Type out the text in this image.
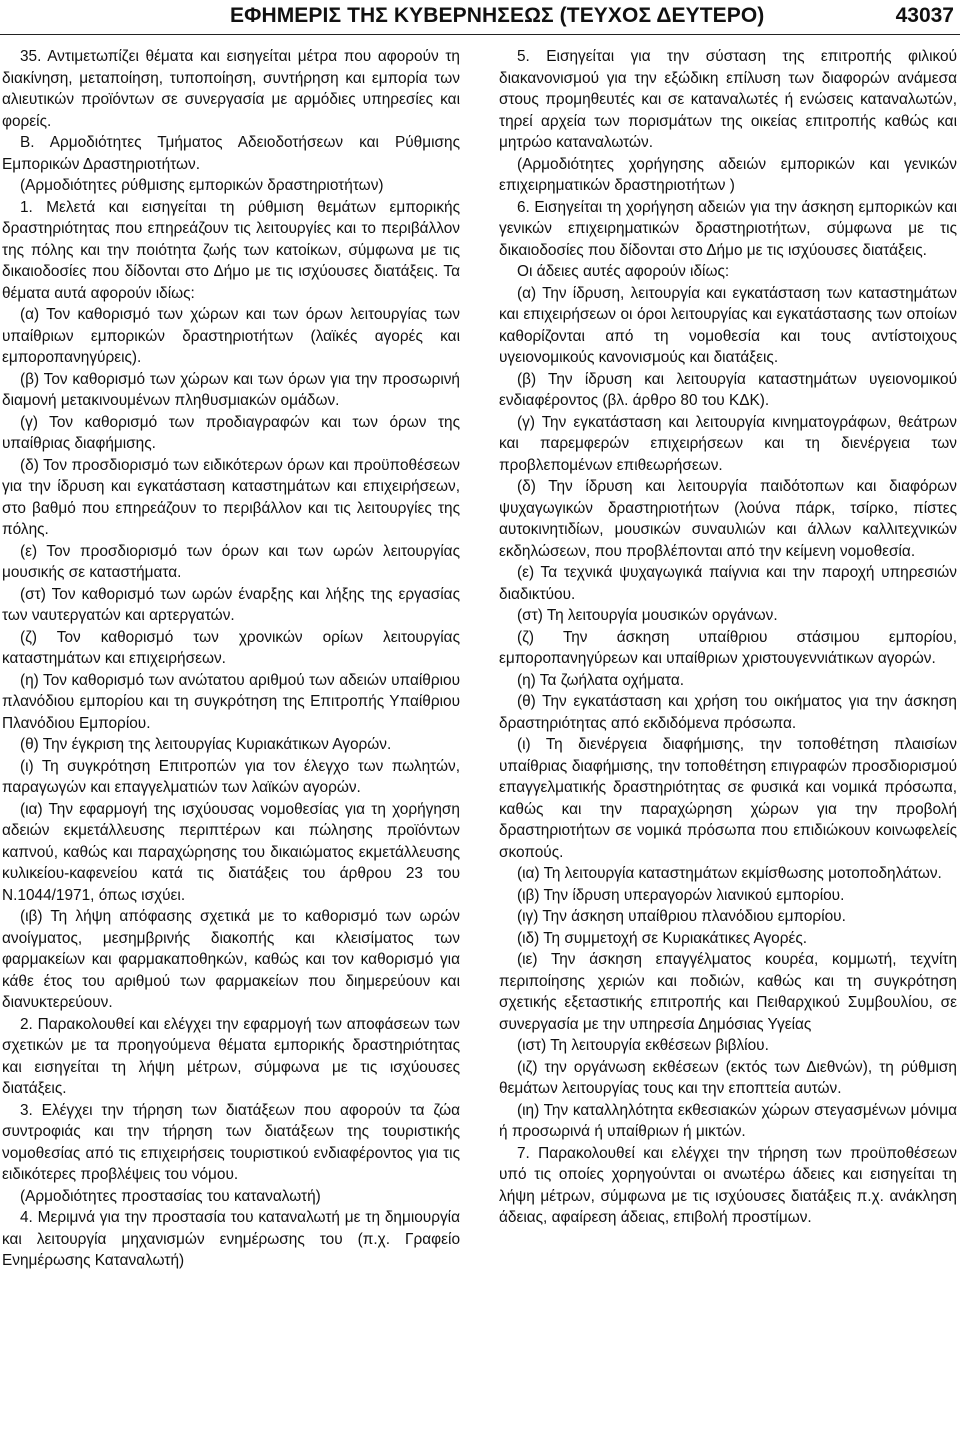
ΕΦΗΜΕΡΙΣ ΤΗΣ ΚΥΒΕΡΝΗΣΕΩΣ (ΤΕΥΧΟΣ ΔΕΥΤΕΡΟ)	43037

35. Αντιμετωπίζει θέματα και εισηγείται μέτρα που αφορούν τη διακίνηση, μεταποίηση, τυποποίηση, συντήρηση και εμπορία των αλιευτικών προϊόντων σε συνεργασία με αρμόδιες υπηρεσίες και φορείς.

Β. Αρμοδιότητες Τμήματος Αδειοδοτήσεων και Ρύθμισης Εμπορικών Δραστηριοτήτων.

(Αρμοδιότητες ρύθμισης εμπορικών δραστηριοτήτων)

1. Μελετά και εισηγείται τη ρύθμιση θεμάτων εμπορικής δραστηριότητας που επηρεάζουν τις λειτουργίες και το περιβάλλον της πόλης και την ποιότητα ζωής των κατοίκων, σύμφωνα με τις δικαιοδοσίες που δίδονται στο Δήμο με τις ισχύουσες διατάξεις. Τα θέματα αυτά αφορούν ιδίως:

(α) Τον καθορισμό των χώρων και των όρων λειτουργίας των υπαίθριων εμπορικών δραστηριοτήτων (λαϊκές αγορές και εμποροπανηγύρεις).

(β) Τον καθορισμό των χώρων και των όρων για την προσωρινή διαμονή μετακινουμένων πληθυσμιακών ομάδων.

(γ) Τον καθορισμό των προδιαγραφών και των όρων της υπαίθριας διαφήμισης.

(δ) Τον προσδιορισμό των ειδικότερων όρων και προϋποθέσεων για την ίδρυση και εγκατάσταση καταστημάτων και επιχειρήσεων, στο βαθμό που επηρεάζουν το περιβάλλον και τις λειτουργίες της πόλης.

(ε) Τον προσδιορισμό των όρων και των ωρών λειτουργίας μουσικής σε καταστήματα.

(στ) Τον καθορισμό των ωρών έναρξης και λήξης της εργασίας των ναυτεργατών και αρτεργατών.

(ζ) Τον καθορισμό των χρονικών ορίων λειτουργίας καταστημάτων και επιχειρήσεων.

(η) Τον καθορισμό των ανώτατου αριθμού των αδειών υπαίθριου πλανόδιου εμπορίου και τη συγκρότηση της Επιτροπής Υπαίθριου Πλανόδιου Εμπορίου.

(θ) Την έγκριση της λειτουργίας Κυριακάτικων Αγορών.

(ι) Τη συγκρότηση Επιτροπών για τον έλεγχο των πωλητών, παραγωγών και επαγγελματιών των λαϊκών αγορών.

(ια) Την εφαρμογή της ισχύουσας νομοθεσίας για τη χορήγηση αδειών εκμετάλλευσης περιπτέρων και πώλησης προϊόντων καπνού, καθώς και παραχώρησης του δικαιώματος εκμετάλλευσης κυλικείου-καφενείου κατά τις διατάξεις του άρθρου 23 του Ν.1044/1971, όπως ισχύει.

(ιβ) Τη λήψη απόφασης σχετικά με το καθορισμό των ωρών ανοίγματος, μεσημβρινής διακοπής και κλεισίματος των φαρμακείων και φαρμακαποθηκών, καθώς και τον καθορισμό για κάθε έτος του αριθμού των φαρμακείων που διημερεύουν και διανυκτερεύουν.

2. Παρακολουθεί και ελέγχει την εφαρμογή των αποφάσεων των σχετικών με τα προηγούμενα θέματα εμπορικής δραστηριότητας και εισηγείται τη λήψη μέτρων, σύμφωνα με τις ισχύουσες διατάξεις.

3. Ελέγχει την τήρηση των διατάξεων που αφορούν τα ζώα συντροφιάς και την τήρηση των διατάξεων της τουριστικής νομοθεσίας από τις επιχειρήσεις τουριστικού ενδιαφέροντος για τις ειδικότερες προβλέψεις του νόμου.

(Αρμοδιότητες προστασίας του καταναλωτή)

4. Μεριμνά για την προστασία του καταναλωτή με τη δημιουργία και λειτουργία μηχανισμών ενημέρωσης του (π.χ. Γραφείο Ενημέρωσης Καταναλωτή)

5. Εισηγείται για την σύσταση της επιτροπής φιλικού διακανονισμού για την εξώδικη επίλυση των διαφορών ανάμεσα στους προμηθευτές και σε καταναλωτές ή ενώσεις καταναλωτών, τηρεί αρχεία των πορισμάτων της οικείας επιτροπής καθώς και μητρώο καταναλωτών.

(Αρμοδιότητες χορήγησης αδειών εμπορικών και γενικών επιχειρηματικών δραστηριοτήτων )

6. Εισηγείται τη χορήγηση αδειών για την άσκηση εμπορικών και γενικών επιχειρηματικών δραστηριοτήτων, σύμφωνα με τις δικαιοδοσίες που δίδονται στο Δήμο με τις ισχύουσες διατάξεις.

Οι άδειες αυτές αφορούν ιδίως:

(α) Την ίδρυση, λειτουργία και εγκατάσταση των καταστημάτων και επιχειρήσεων οι όροι λειτουργίας και εγκατάστασης των οποίων καθορίζονται από τη νομοθεσία και τους αντίστοιχους υγειονομικούς κανονισμούς και διατάξεις.

(β) Την ίδρυση και λειτουργία καταστημάτων υγειονομικού ενδιαφέροντος (βλ. άρθρο 80 του ΚΔΚ).

(γ) Την εγκατάσταση και λειτουργία κινηματογράφων, θεάτρων και παρεμφερών επιχειρήσεων και τη διενέργεια των προβλεπομένων επιθεωρήσεων.

(δ) Την ίδρυση και λειτουργία παιδότοπων και διαφόρων ψυχαγωγικών δραστηριοτήτων (λούνα πάρκ, τσίρκο, πίστες αυτοκινητιδίων, μουσικών συναυλιών και άλλων καλλιτεχνικών εκδηλώσεων, που προβλέπονται από την κείμενη νομοθεσία.

(ε) Τα τεχνικά ψυχαγωγικά παίγνια και την παροχή υπηρεσιών διαδικτύου.

(στ) Τη λειτουργία μουσικών οργάνων.

(ζ) Την άσκηση υπαίθριου στάσιμου εμπορίου, εμποροπανηγύρεων και υπαίθριων χριστουγεννιάτικων αγορών.

(η) Τα ζωήλατα οχήματα.

(θ) Την εγκατάσταση και χρήση του οικήματος για την άσκηση δραστηριότητας από εκδιδόμενα πρόσωπα.

(ι) Τη διενέργεια διαφήμισης, την τοποθέτηση πλαισίων υπαίθριας διαφήμισης, την τοποθέτηση επιγραφών προσδιορισμού επαγγελματικής δραστηριότητας σε φυσικά και νομικά πρόσωπα, καθώς και την παραχώρηση χώρων για την προβολή δραστηριοτήτων σε νομικά πρόσωπα που επιδιώκουν κοινωφελείς σκοπούς.

(ια) Τη λειτουργία καταστημάτων εκμίσθωσης μοτοποδηλάτων.

(ιβ) Την ίδρυση υπεραγορών λιανικού εμπορίου.

(ιγ) Την άσκηση υπαίθριου πλανόδιου εμπορίου.

(ιδ) Τη συμμετοχή σε Κυριακάτικες Αγορές.

(ιε) Την άσκηση επαγγέλματος κουρέα, κομμωτή, τεχνίτη περιποίησης χεριών και ποδιών, καθώς και τη συγκρότηση σχετικής εξεταστικής επιτροπής και Πειθαρχικού Συμβουλίου, σε συνεργασία με την υπηρεσία Δημόσιας Υγείας

(ιστ) Τη λειτουργία εκθέσεων βιβλίου.

(ιζ) την οργάνωση εκθέσεων (εκτός των Διεθνών), τη ρύθμιση θεμάτων λειτουργίας τους και την εποπτεία αυτών.

(ιη) Την καταλληλότητα εκθεσιακών χώρων στεγασμένων μόνιμα ή προσωρινά ή υπαίθριων ή μικτών.

7. Παρακολουθεί και ελέγχει την τήρηση των προϋποθέσεων υπό τις οποίες χορηγούνται οι ανωτέρω άδειες και εισηγείται τη λήψη μέτρων, σύμφωνα με τις ισχύουσες διατάξεις π.χ. ανάκληση άδειας, αφαίρεση άδειας, επιβολή προστίμων.
